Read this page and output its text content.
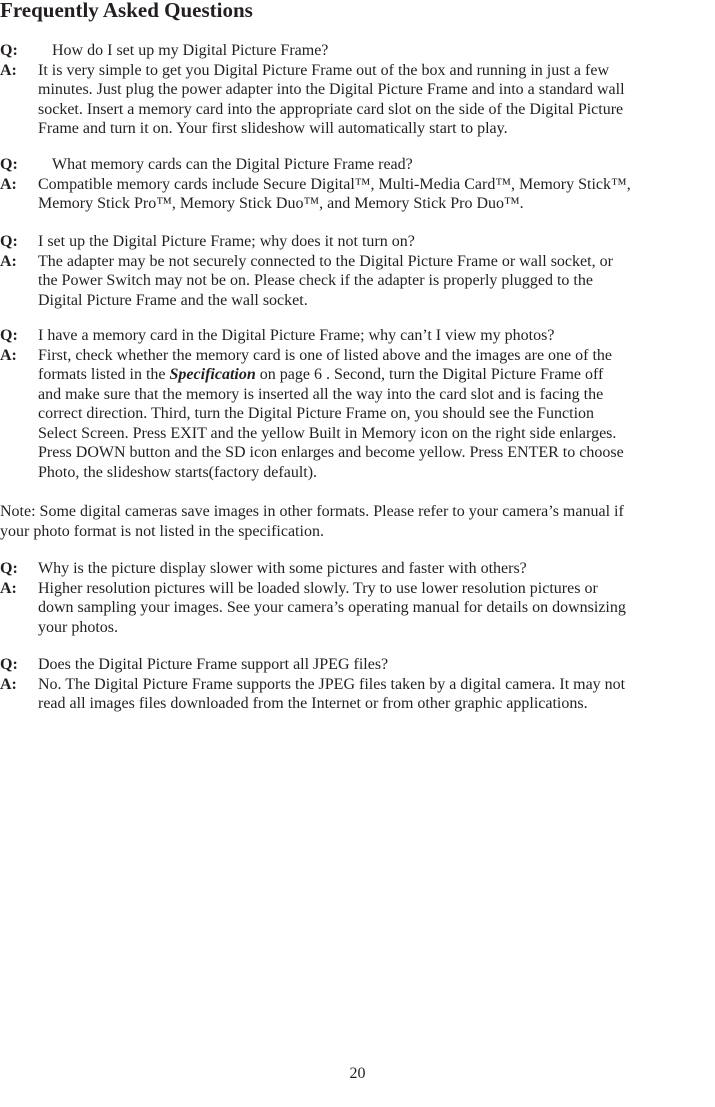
Frequently Asked Questions
Q:	How do I set up my Digital Picture Frame?
A:	It is very simple to get you Digital Picture Frame out of the box and running in just a few
minutes. Just plug the power adapter into the Digital Picture Frame and into a standard wall
socket. Insert a memory card into the appropriate card slot on the side of the Digital Picture
Frame and turn it on. Your first slideshow will automatically start to play.
Q:	What memory cards can the Digital Picture Frame read?
A:	Compatible memory cards include Secure Digital™, Multi-Media Card™, Memory Stick™,
Memory Stick Pro™, Memory Stick Duo™, and Memory Stick Pro Duo™.
Q:	I set up the Digital Picture Frame; why does it not turn on?
A:	The adapter may be not securely connected to the Digital Picture Frame or wall socket, or
the Power Switch may not be on. Please check if the adapter is properly plugged to the
Digital Picture Frame and the wall socket.
Q:	I have a memory card in the Digital Picture Frame; why can’t I view my photos?
A:	First, check whether the memory card is one of listed above and the images are one of the
formats listed in the Specification on page 6 . Second, turn the Digital Picture Frame off
and make sure that the memory is inserted all the way into the card slot and is facing the
correct direction. Third, turn the Digital Picture Frame on, you should see the Function
Select Screen. Press EXIT and the yellow Built in Memory icon on the right side enlarges.
Press DOWN button and the SD icon enlarges and become yellow. Press ENTER to choose
Photo, the slideshow starts(factory default).
Note: Some digital cameras save images in other formats. Please refer to your camera’s manual if
your photo format is not listed in the specification.
Q:	Why is the picture display slower with some pictures and faster with others?
A:	Higher resolution pictures will be loaded slowly. Try to use lower resolution pictures or
down sampling your images. See your camera’s operating manual for details on downsizing
your photos.
Q:	Does the Digital Picture Frame support all JPEG files?
A:	No. The Digital Picture Frame supports the JPEG files taken by a digital camera. It may not
read all images files downloaded from the Internet or from other graphic applications.
20
